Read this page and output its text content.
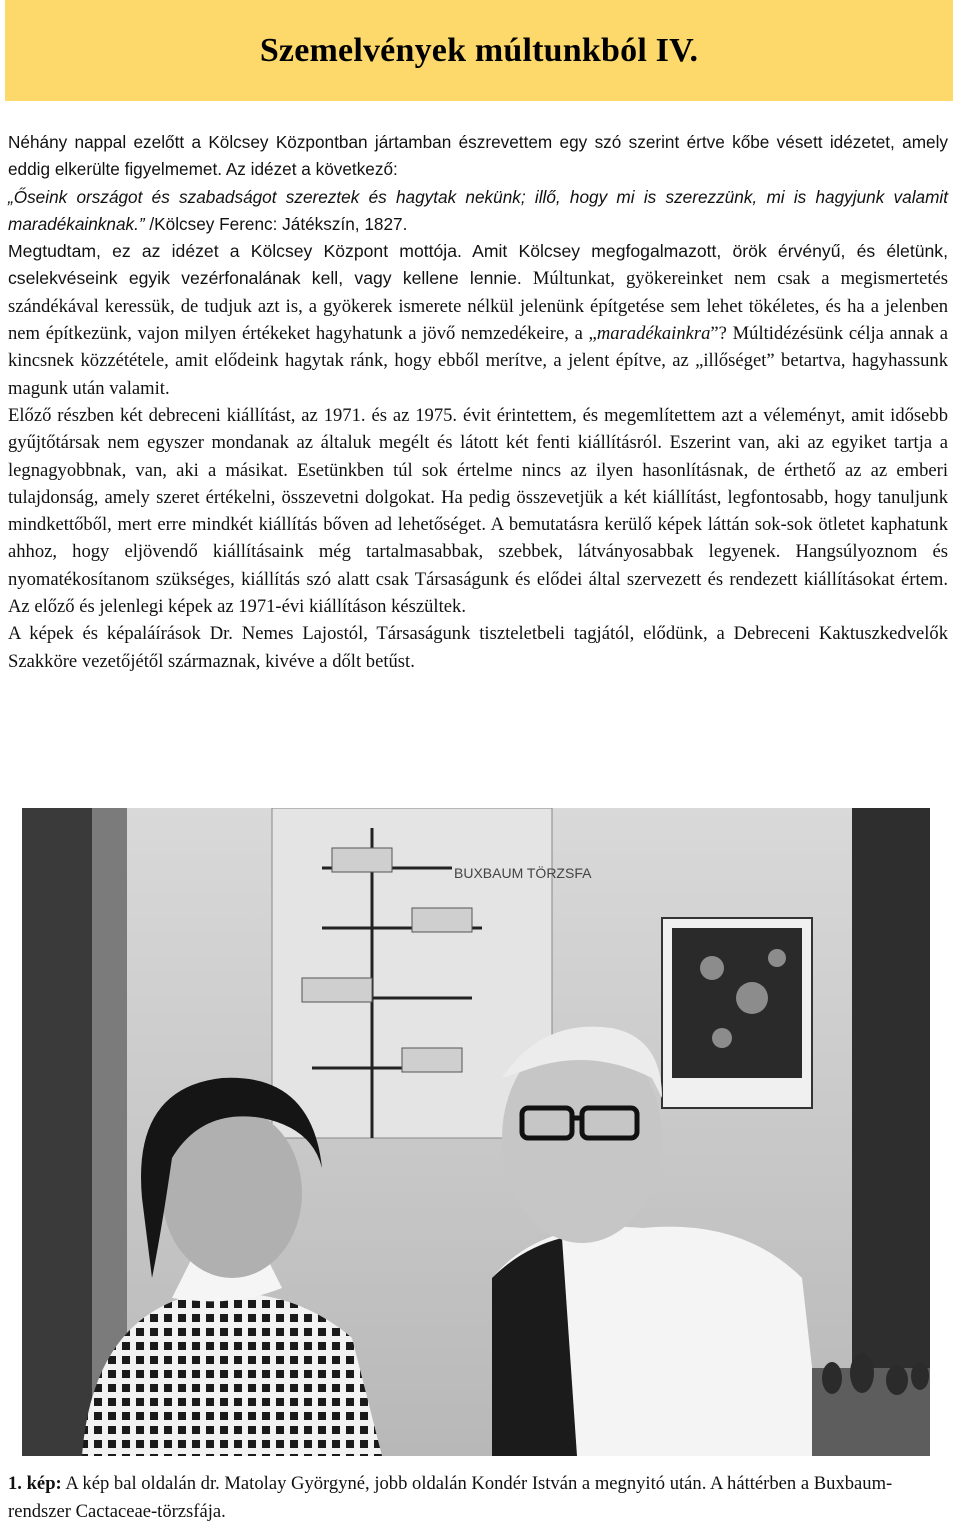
Szemelvények múltunkból IV.

Néhány nappal ezelőtt a Kölcsey Központban jártamban észrevettem egy szó szerint értve kőbe vésett idézetet, amely eddig elkerülte figyelmemet. Az idézet a következő:
„Őseink országot és szabadságot szereztek és hagytak nekünk; illő, hogy mi is szerezzünk, mi is hagyjunk valamit maradékainknak.” /Kölcsey Ferenc: Játékszín, 1827.

Megtudtam, ez az idézet a Kölcsey Központ mottója. Amit Kölcsey megfogalmazott, örök érvényű, és életünk, cselekvéseink egyik vezérfonalának kell, vagy kellene lennie. Múltunkat, gyökereinket nem csak a megismertetés szándékával keressük, de tudjuk azt is, a gyökerek ismerete nélkül jelenünk építgetése sem lehet tökéletes, és ha a jelenben nem építkezünk, vajon milyen értékeket hagyhatunk a jövő nemzedékeire, a „maradékainkra”? Múltidézésünk célja annak a kincsnek közzététele, amit elődeink hagytak ránk, hogy ebből merítve, a jelent építve, az „illőséget” betartva, hagyhassunk magunk után valamit.

Előző részben két debreceni kiállítást, az 1971. és az 1975. évit érintettem, és megemlítettem azt a véleményt, amit idősebb gyűjtőtársak nem egyszer mondanak az általuk megélt és látott két fenti kiállításról. Eszerint van, aki az egyiket tartja a legnagyobbnak, van, aki a másikat. Esetünkben túl sok értelme nincs az ilyen hasonlításnak, de érthető az az emberi tulajdonság, amely szeret értékelni, összevetni dolgokat. Ha pedig összevetjük a két kiállítást, legfontosabb, hogy tanuljunk mindkettőből, mert erre mindkét kiállítás bőven ad lehetőséget. A bemutatásra kerülő képek láttán sok-sok ötletet kaphatunk ahhoz, hogy eljövendő kiállításaink még tartalmasabbak, szebbek, látványosabbak legyenek. Hangsúlyoznom és nyomatékosítanom szükséges, kiállítás szó alatt csak Társaságunk és elődei által szervezett és rendezett kiállításokat értem. Az előző és jelenlegi képek az 1971-évi kiállításon készültek.

A képek és képaláírások Dr. Nemes Lajostól, Társaságunk tiszteletbeli tagjától, elődünk, a Debreceni Kaktuszkedvelők Szakköre vezetőjétől származnak, kivéve a dőlt betűst.

BUXBAUM TÖRZSFA
1. kép: A kép bal oldalán dr. Matolay Györgyné, jobb oldalán Kondér István a megnyitó után. A háttérben a Buxbaum-rendszer Cactaceae-törzsfája.
